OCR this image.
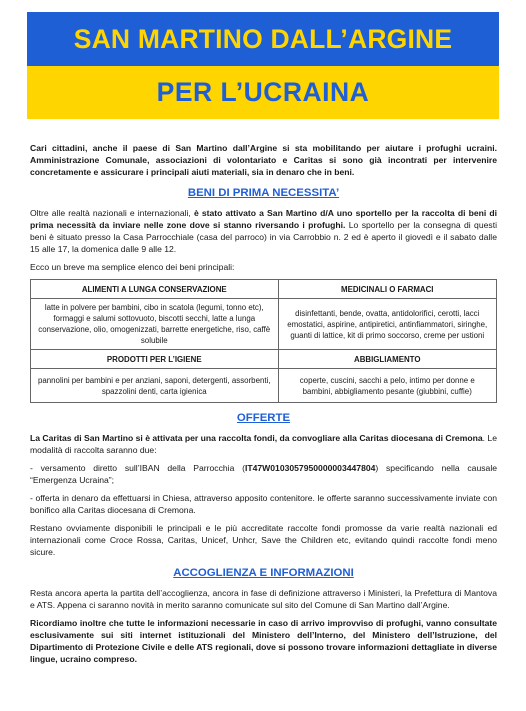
SAN MARTINO DALL’ARGINE
PER L’UCRAINA

Cari cittadini, anche il paese di San Martino dall’Argine si sta mobilitando per aiutare i profughi ucraini. Amministrazione Comunale, associazioni di volontariato e Caritas si sono già incontrati per intervenire concretamente e assicurare i principali aiuti materiali, sia in denaro che in beni.

BENI DI PRIMA NECESSITA’

Oltre alle realtà nazionali e internazionali, è stato attivato a San Martino d/A uno sportello per la raccolta di beni di prima necessità da inviare nelle zone dove si stanno riversando i profughi. Lo sportello per la consegna di questi beni è situato presso la Casa Parrocchiale (casa del parroco) in via Carrobbio n. 2 ed è aperto il giovedì e il sabato dalle 15 alle 17, la domenica dalle 9 alle 12.

Ecco un breve ma semplice elenco dei beni principali:

ALIMENTI A LUNGA CONSERVAZIONE	MEDICINALI O FARMACI
latte in polvere per bambini, cibo in scatola (legumi, tonno etc), formaggi e salumi sottovuoto, biscotti secchi, latte a lunga conservazione, olio, omogenizzati, barrette energetiche, riso, caffè solubile	disinfettanti, bende, ovatta, antidolorifici, cerotti, lacci emostatici, aspirine, antipiretici, antinfiammatori, siringhe, guanti di lattice, kit di primo soccorso, creme per ustioni
PRODOTTI PER L’IGIENE	ABBIGLIAMENTO
pannolini per bambini e per anziani, saponi, detergenti, assorbenti, spazzolini denti, carta igienica	coperte, cuscini, sacchi a pelo, intimo per donne e bambini, abbigliamento pesante (giubbini, cuffie)
OFFERTE

La Caritas di San Martino si è attivata per una raccolta fondi, da convogliare alla Caritas diocesana di Cremona. Le modalità di raccolta saranno due:

- versamento diretto sull’IBAN della Parrocchia (IT47W0103057950000003447804) specificando nella causale “Emergenza Ucraina”;

- offerta in denaro da effettuarsi in Chiesa, attraverso apposito contenitore. le offerte saranno successivamente inviate con bonifico alla Caritas diocesana di Cremona.

Restano ovviamente disponibili le principali e le più accreditate raccolte fondi promosse da varie realtà nazionali ed internazionali come Croce Rossa, Caritas, Unicef, Unhcr, Save the Children etc, evitando quindi raccolte fondi meno sicure.

ACCOGLIENZA E INFORMAZIONI

Resta ancora aperta la partita dell’accoglienza, ancora in fase di definizione attraverso i Ministeri, la Prefettura di Mantova e ATS. Appena ci saranno novità in merito saranno comunicate sul sito del Comune di San Martino dall’Argine.

Ricordiamo inoltre che tutte le informazioni necessarie in caso di arrivo improvviso di profughi, vanno consultate esclusivamente sui siti internet istituzionali del Ministero dell’Interno, del Ministero dell’Istruzione, del Dipartimento di Protezione Civile e delle ATS regionali, dove si possono trovare informazioni dettagliate in diverse lingue, ucraino compreso.
